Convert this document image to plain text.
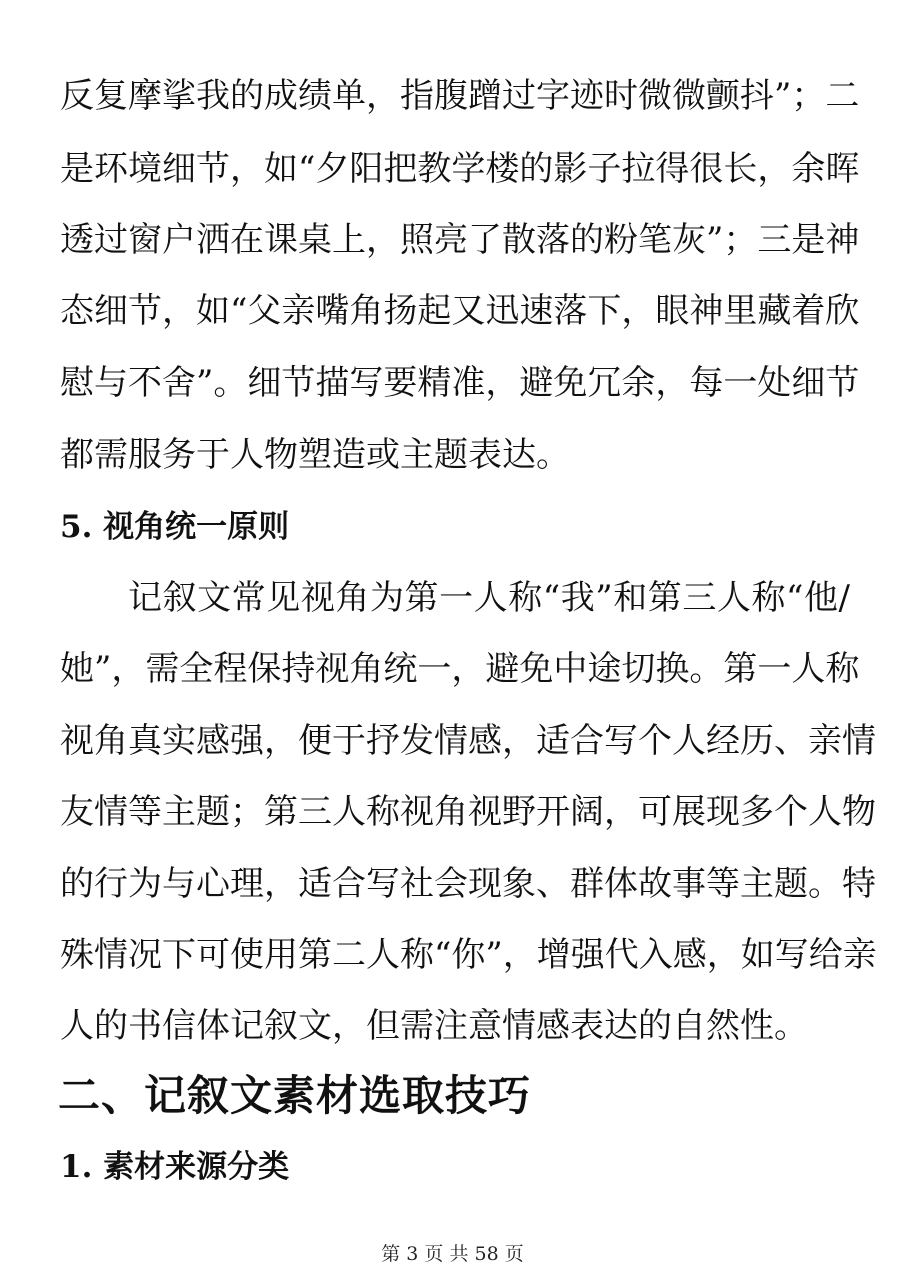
反复摩挲我的成绩单，指腹蹭过字迹时微微颤抖”；二
是环境细节，如“夕阳把教学楼的影子拉得很长，余晖
透过窗户洒在课桌上，照亮了散落的粉笔灰”；三是神
态细节，如“父亲嘴角扬起又迅速落下，眼神里藏着欣
慰与不舍”。细节描写要精准，避免冗余，每一处细节
都需服务于人物塑造或主题表达。
5. 视角统一原则
记叙文常见视角为第一人称“我”和第三人称“他/
她”，需全程保持视角统一，避免中途切换。第一人称
视角真实感强，便于抒发情感，适合写个人经历、亲情
友情等主题；第三人称视角视野开阔，可展现多个人物
的行为与心理，适合写社会现象、群体故事等主题。特
殊情况下可使用第二人称“你”，增强代入感，如写给亲
人的书信体记叙文，但需注意情感表达的自然性。
二、记叙文素材选取技巧
1. 素材来源分类
第 3 页 共 58 页
